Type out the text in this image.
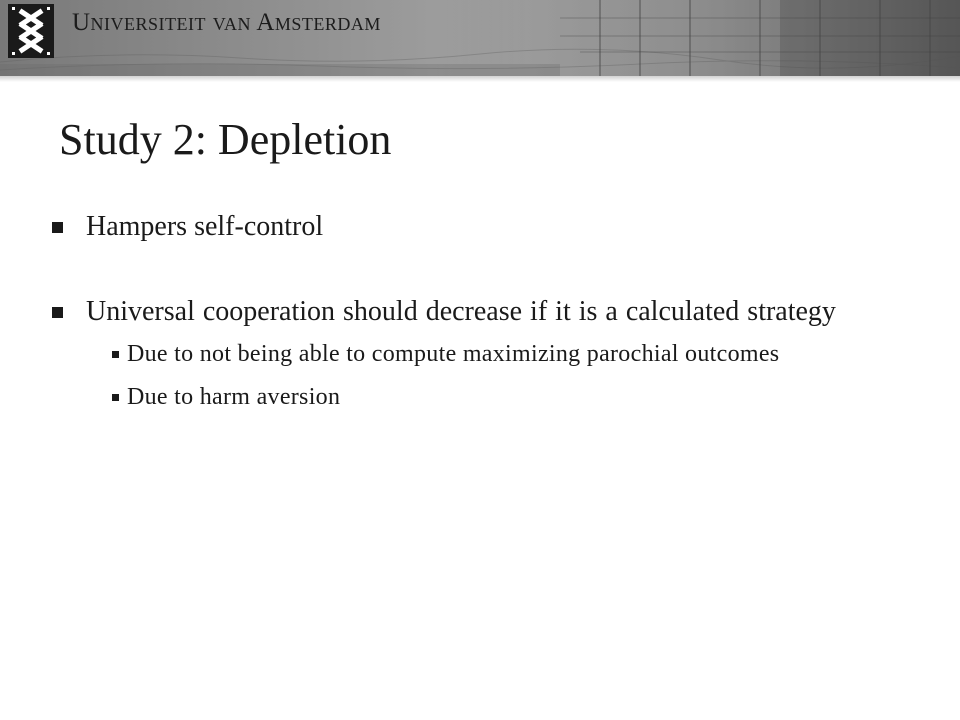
Universiteit van Amsterdam
Study 2: Depletion
Hampers self-control
Universal cooperation should decrease if it is a calculated strategy
Due to not being able to compute maximizing parochial outcomes
Due to harm aversion
